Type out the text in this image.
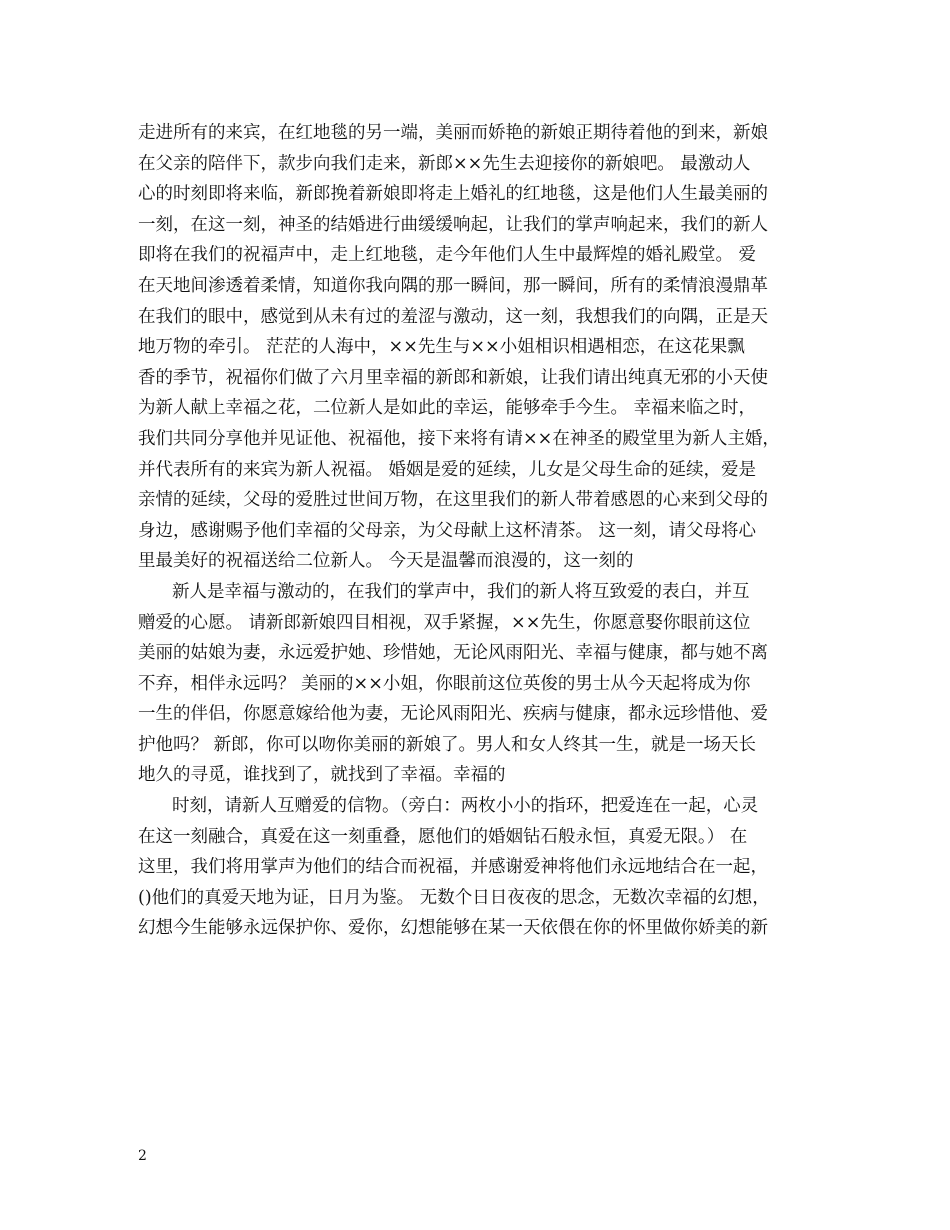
走进所有的来宾，在红地毯的另一端，美丽而娇艳的新娘正期待着他的到来，新娘
在父亲的陪伴下，款步向我们走来，新郎××先生去迎接你的新娘吧。 最激动人
心的时刻即将来临，新郎挽着新娘即将走上婚礼的红地毯，这是他们人生最美丽的
一刻，在这一刻，神圣的结婚进行曲缓缓响起，让我们的掌声响起来，我们的新人
即将在我们的祝福声中，走上红地毯，走今年他们人生中最辉煌的婚礼殿堂。 爱
在天地间渗透着柔情，知道你我向隅的那一瞬间，那一瞬间，所有的柔情浪漫鼎革
在我们的眼中，感觉到从未有过的羞涩与激动，这一刻，我想我们的向隅，正是天
地万物的牵引。 茫茫的人海中，××先生与××小姐相识相遇相恋，在这花果飘
香的季节，祝福你们做了六月里幸福的新郎和新娘，让我们请出纯真无邪的小天使
为新人献上幸福之花，二位新人是如此的幸运，能够牵手今生。 幸福来临之时，
我们共同分享他并见证他、祝福他，接下来将有请××在神圣的殿堂里为新人主婚，
并代表所有的来宾为新人祝福。 婚姻是爱的延续，儿女是父母生命的延续，爱是
亲情的延续，父母的爱胜过世间万物，在这里我们的新人带着感恩的心来到父母的
身边，感谢赐予他们幸福的父母亲，为父母献上这杯清茶。 这一刻，请父母将心
里最美好的祝福送给二位新人。 今天是温馨而浪漫的，这一刻的
新人是幸福与激动的，在我们的掌声中，我们的新人将互致爱的表白，并互
赠爱的心愿。 请新郎新娘四目相视，双手紧握，××先生，你愿意娶你眼前这位
美丽的姑娘为妻，永远爱护她、珍惜她，无论风雨阳光、幸福与健康，都与她不离
不弃，相伴永远吗？ 美丽的××小姐，你眼前这位英俊的男士从今天起将成为你
一生的伴侣，你愿意嫁给他为妻，无论风雨阳光、疾病与健康，都永远珍惜他、爱
护他吗？ 新郎，你可以吻你美丽的新娘了。男人和女人终其一生，就是一场天长
地久的寻觅，谁找到了，就找到了幸福。幸福的
时刻，请新人互赠爱的信物。（旁白：两枚小小的指环，把爱连在一起，心灵
在这一刻融合，真爱在这一刻重叠，愿他们的婚姻钻石般永恒，真爱无限。） 在
这里，我们将用掌声为他们的结合而祝福，并感谢爱神将他们永远地结合在一起，
()他们的真爱天地为证，日月为鉴。 无数个日日夜夜的思念，无数次幸福的幻想，
幻想今生能够永远保护你、爱你，幻想能够在某一天依偎在你的怀里做你娇美的新
2
